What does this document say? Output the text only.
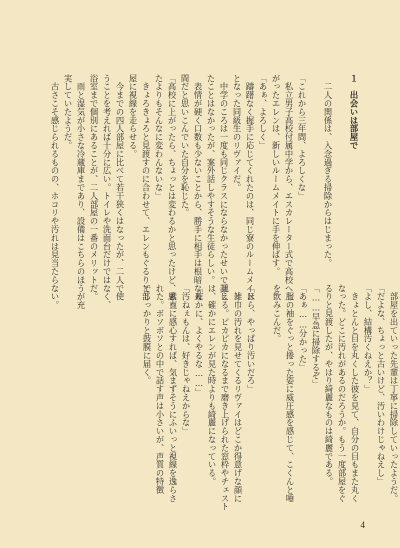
１　出会いは部屋で

　二人の関係は、入念過ぎる掃除からはじまった。

「これから三年間、よろしくな」

　私立男子高校付属中学から、エスカレーター式で高校へ上

がったエレンは、新しいルームメイトに手を伸ばす。

「あぁ、よろしく」

　躊躇なく握手に応じてくれたのは、同じ寮のルームメイト

となった同級生のリヴァイだ。

　中学のころは一度も同じクラスにならなかったせいで話し

たことはなかったが、案外話しやすそうな生徒らしい。

　表情が硬く口数も少ないことから、勝手に相手は根暗な人

間だと思いこんでいた自分を恥じた。

「高校に上がったら、ちょっとは変わるかと思ったけど、思っ

たよりもそんなに変わんないな」

　きょろきょろと見渡すのに合わせて、エレンもぐるりと部

屋に視線を走らせる。

　今までの四人部屋に比べて若干狭くはなったが、二人で使

うことを考えれば十分に広い。トイレや洗面台だけではなく、

浴室まで個別にあることが、二人部屋の一番のメリットだ。

　雨と湿気が小さな冷蔵庫まであり、設備はこちらのほうが充

実していたようだ。

　古さこそ感じられるものの、ホコリや汚れは見当たらない。

　部屋を出ていった先輩は丁寧に掃除していったようだ。

「だよな、ちょっと古いけど、汚いわけじゃねえし」

「よし、結構汚くねえか？」

　きょとんと目を丸くした彼を見て、自分の目もまた丸く

なった。どこに汚れがあるのだろうか。もう一度部屋をぐ

るりと見渡したが、やはり綺麗なものは綺麗である。

「……早急に掃除するぞ」

「あぁ……分かった」

　服の袖をぐっと捲った姿に威圧感を感じて、こくんと唾

を飲みこんだ。

「ほら、やっぱり汚いだろ」

　雑巾の汚れを見せてくるリヴァイはどこか得意げな顔に

見える。ピカピカになるまで磨き上げられた窓枠やチェスト

は、確かにエレンが見た時よりも綺麗になっている。

「確かに、よくやるな……」

「汚ねぇもんは、好きじゃねえからな」

　素直に感心すれば、気まずそうにふいっと視線を逸らさ

れた。ボソボソとの中で話す声は小さいが、声質の特徴

でしっかりと鼓膜に届く。

4
